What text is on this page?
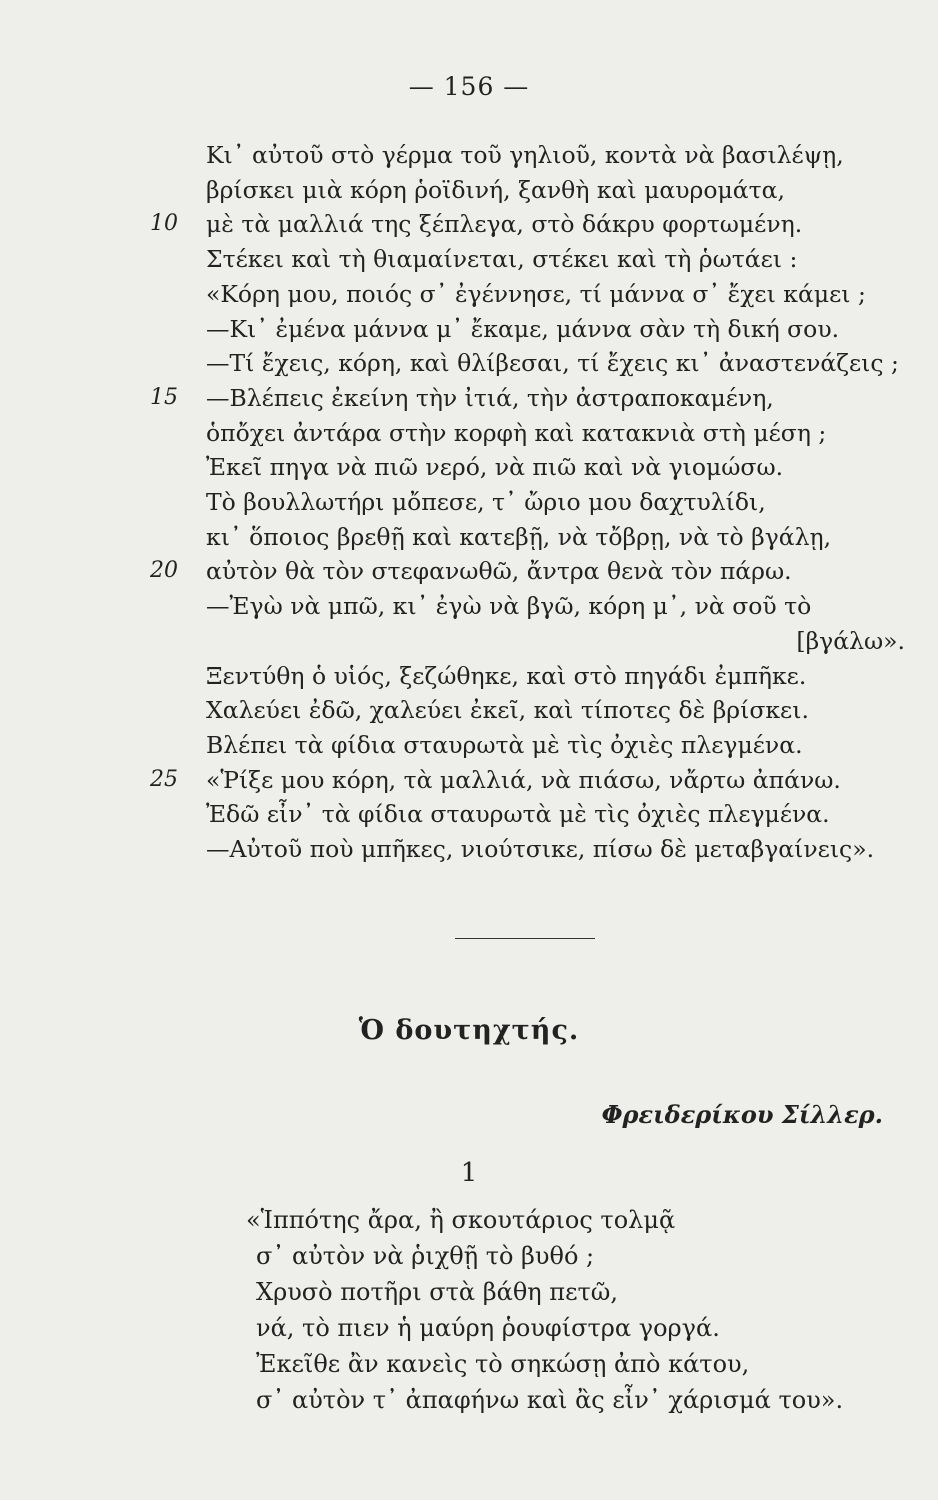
— 156 —
Κι᾿ αὐτοῦ στὸ γέρμα τοῦ γηλιοῦ, κοντὰ νὰ βασιλέψῃ,
βρίσκει μιὰ κόρη ῥοϊδινή, ξανθὴ καὶ μαυρομάτα,
μὲ τὰ μαλλιά της ξέπλεγα, στὸ δάκρυ φορτωμένη.
10
Στέκει καὶ τὴ θιαμαίνεται, στέκει καὶ τὴ ῥωτάει :
«Κόρη μου, ποιός σ᾿ ἐγέννησε, τί μάννα σ᾿ ἔχει κάμει ;
—Κι᾿ ἐμένα μάννα μ᾿ ἔκαμε, μάννα σὰν τὴ δική σου.
—Τί ἔχεις, κόρη, καὶ θλίβεσαι, τί ἔχεις κι᾿ ἀναστενάζεις ;
—Βλέπεις ἐκείνη τὴν ἰτιά, τὴν ἀστραποκαμένη,
15
ὁπὄχει ἀντάρα στὴν κορφὴ καὶ κατακνιὰ στὴ μέση ;
Ἐκεῖ πηγα νὰ πιῶ νερό, νὰ πιῶ καὶ νὰ γιομώσω.
Τὸ βουλλωτήρι μὄπεσε, τ᾿ ὤριο μου δαχτυλίδι,
κι᾿ ὅποιος βρεθῇ καὶ κατεβῇ, νὰ τὄβρῃ, νὰ τὸ βγάλῃ,
αὐτὸν θὰ τὸν στεφανωθῶ, ἄντρα θενὰ τὸν πάρω.
20
—Ἐγὼ νὰ μπῶ, κι᾿ ἐγὼ νὰ βγῶ, κόρη μ᾿, νὰ σοῦ τὸ
[βγάλω».
Ξεντύθη ὁ υἱός, ξεζώθηκε, καὶ στὸ πηγάδι ἐμπῆκε.
Χαλεύει ἐδῶ, χαλεύει ἐκεῖ, καὶ τίποτες δὲ βρίσκει.
Βλέπει τὰ φίδια σταυρωτὰ μὲ τὶς ὀχιὲς πλεγμένα.
«Ῥίξε μου κόρη, τὰ μαλλιά, νὰ πιάσω, νἄρτω ἀπάνω.
25
Ἐδῶ εἶν᾿ τὰ φίδια σταυρωτὰ μὲ τὶς ὀχιὲς πλεγμένα.
—Αὐτοῦ ποὺ μπῆκες, νιούτσικε, πίσω δὲ μεταβγαίνεις».
Ὁ δουτηχτής.
Φρειδερίκου Σίλλερ.
1
«Ἱππότης ἄρα, ἢ σκουτάριος τολμᾷ
σ᾿ αὐτὸν νὰ ῥιχθῇ τὸ βυθό ;
Χρυσὸ ποτῆρι στὰ βάθη πετῶ,
νά, τὸ πιεν ἡ μαύρη ῥουφίστρα γοργά.
Ἐκεῖθε ἂν κανεὶς τὸ σηκώσῃ ἀπὸ κάτου,
σ᾿ αὐτὸν τ᾿ ἀπαφήνω καὶ ἂς εἶν᾿ χάρισμά του».
